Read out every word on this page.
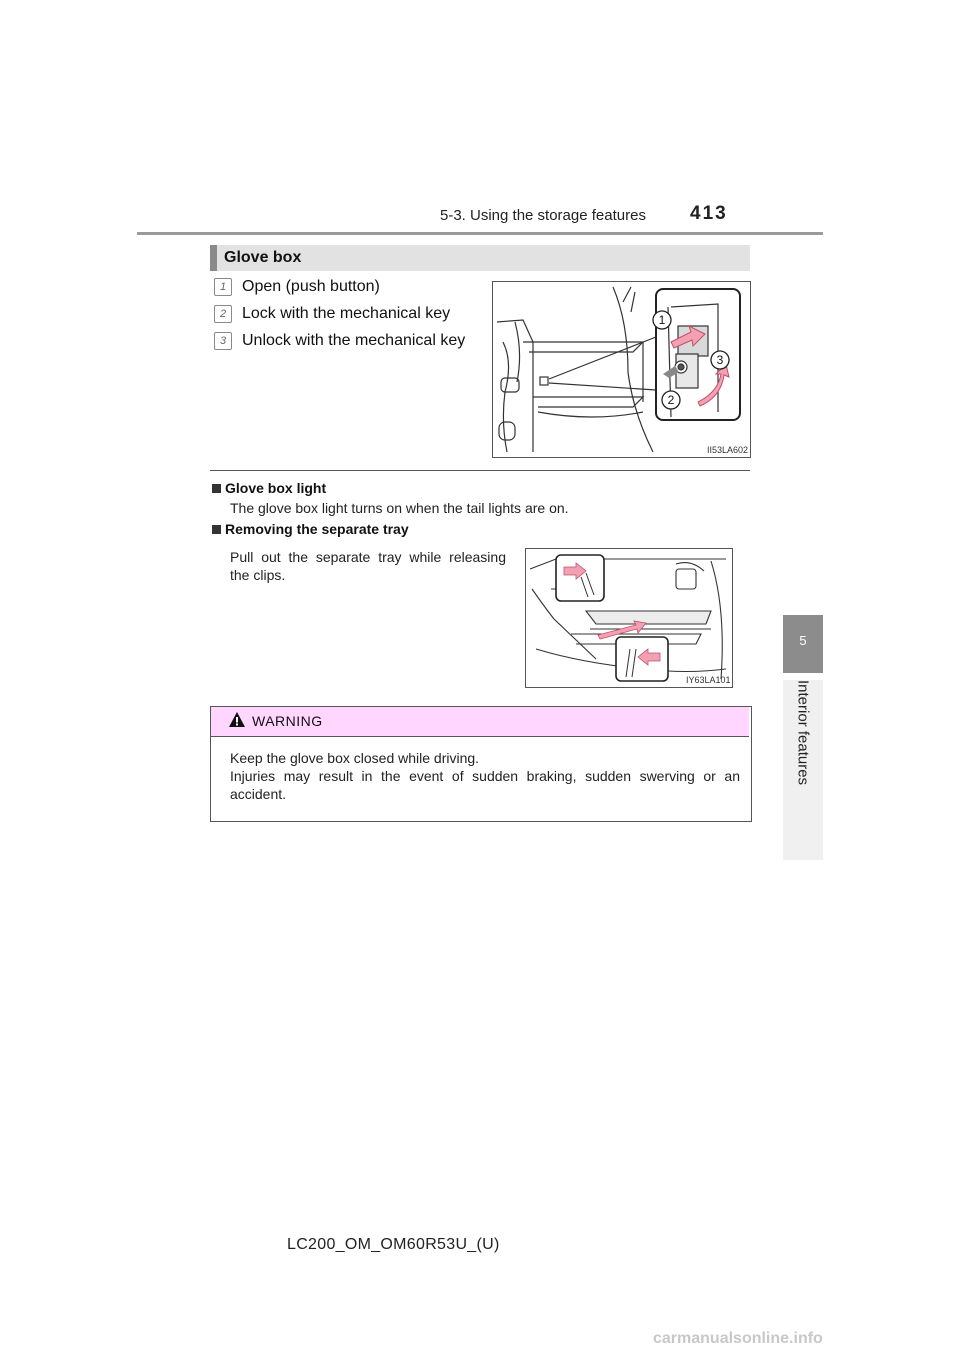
5-3. Using the storage features 413
5
Interior features
Glove box
1 Open (push button)
2 Lock with the mechanical key
3 Unlock with the mechanical key
1
3
2
II53LA602
Glove box light
The glove box light turns on when the tail lights are on.
Removing the separate tray
Pull out the separate tray while releasing
the clips.
IY63LA101
WARNING
Keep the glove box closed while driving.
Injuries may result in the event of sudden braking, sudden swerving or an
accident.
LC200_OM_OM60R53U_(U)
carmanualsonline.info
